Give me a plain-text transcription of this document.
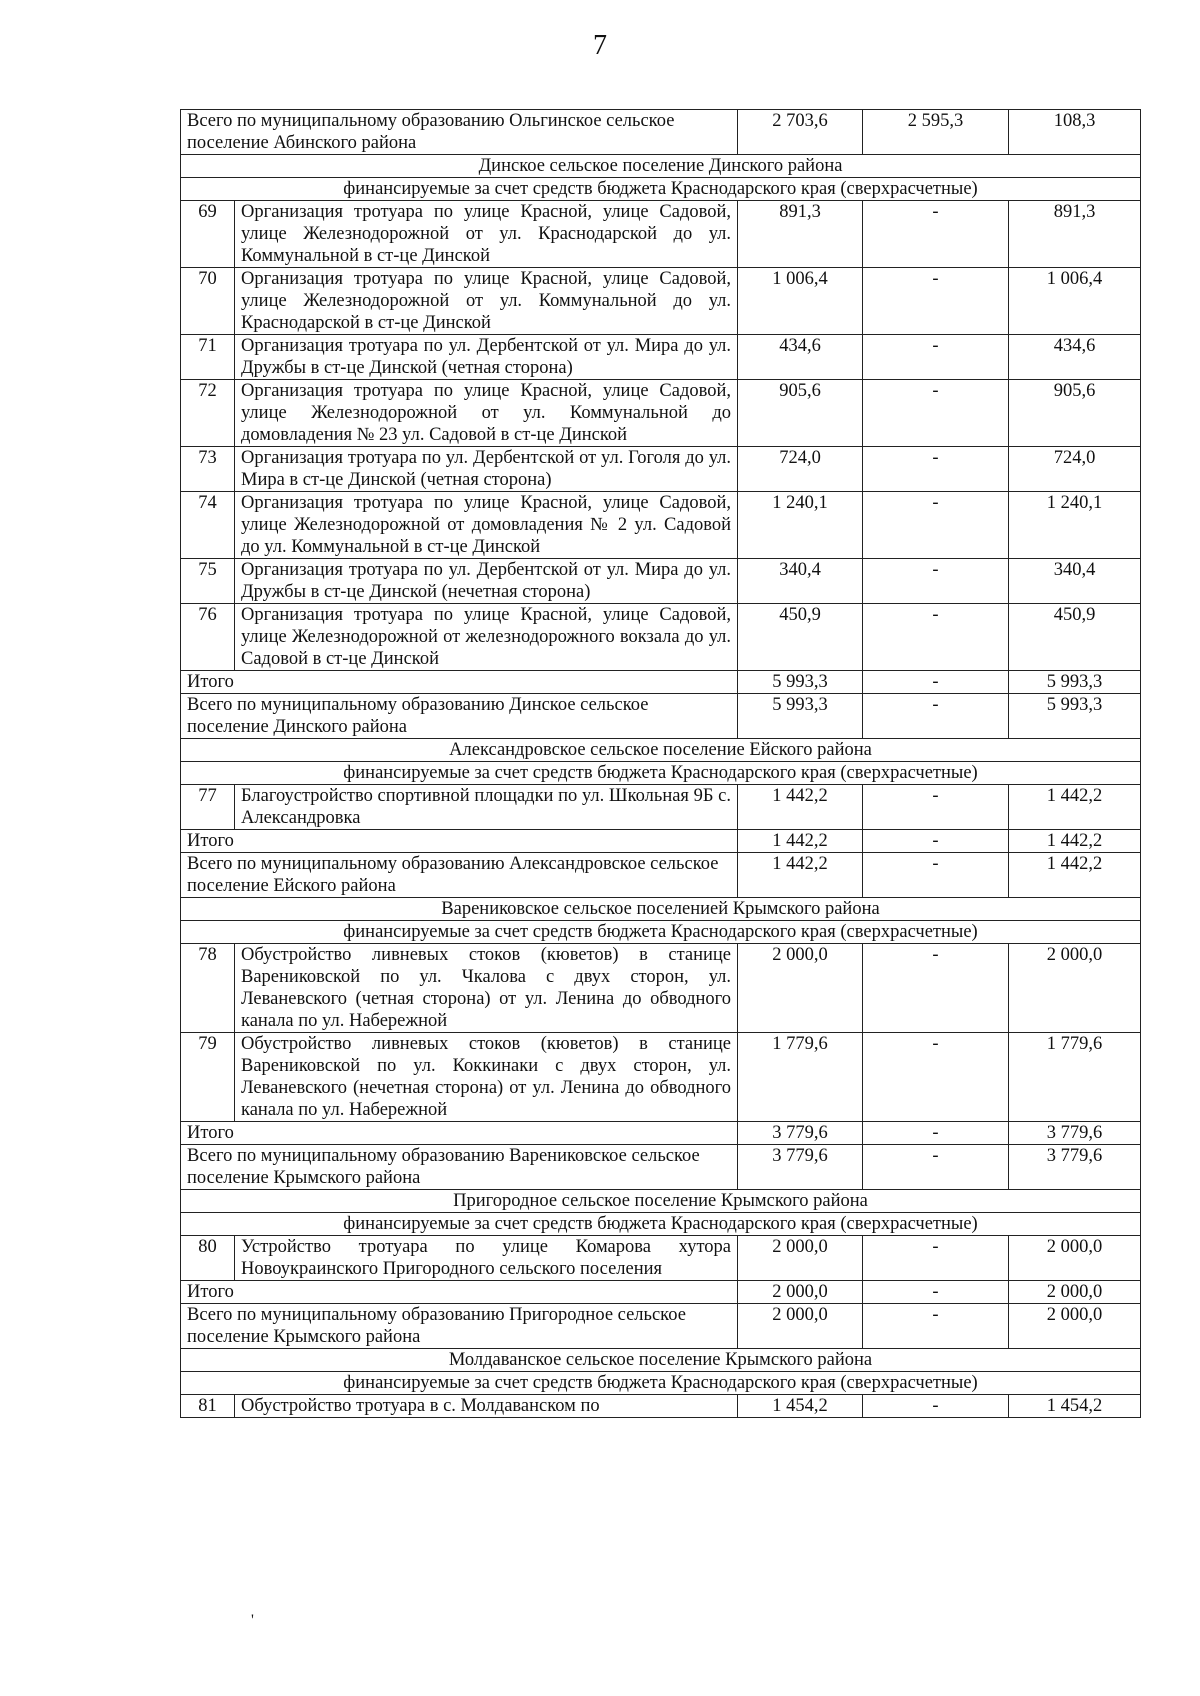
7
Всего по муниципальному образованию Ольгинское сельское поселение Абинского района		2 703,6	2 595,3	108,3
Динское сельское поселение Динского района				
финансируемые за счет средств бюджета Краснодарского края (сверхрасчетные)				
69	Организация тротуара по улице Красной, улице Садовой, улице Железнодорожной от ул. Краснодарской до ул. Коммунальной в ст-це Динской	891,3	-	891,3
70	Организация тротуара по улице Красной, улице Садовой, улице Железнодорожной от ул. Коммунальной до ул. Краснодарской в ст-це Динской	1 006,4	-	1 006,4
71	Организация тротуара по ул. Дербентской от ул. Мира до ул. Дружбы в ст-це Динской (четная сторона)	434,6	-	434,6
72	Организация тротуара по улице Красной, улице Садовой, улице Железнодорожной от ул. Коммунальной до домовладения № 23 ул. Садовой в ст-це Динской	905,6	-	905,6
73	Организация тротуара по ул. Дербентской от ул. Гоголя до ул. Мира в ст-це Динской (четная сторона)	724,0	-	724,0
74	Организация тротуара по улице Красной, улице Садовой, улице Железнодорожной от домовладения № 2 ул. Садовой до ул. Коммунальной в ст-це Динской	1 240,1	-	1 240,1
75	Организация тротуара по ул. Дербентской от ул. Мира до ул. Дружбы в ст-це Динской (нечетная сторона)	340,4	-	340,4
76	Организация тротуара по улице Красной, улице Садовой, улице Железнодорожной от железнодорожного вокзала до ул. Садовой в ст-це Динской	450,9	-	450,9
Итого		5 993,3	-	5 993,3
Всего по муниципальному образованию Динское сельское поселение Динского района		5 993,3	-	5 993,3
Александровское сельское поселение Ейского района				
финансируемые за счет средств бюджета Краснодарского края (сверхрасчетные)				
77	Благоустройство спортивной площадки по ул. Школьная 9Б с. Александровка	1 442,2	-	1 442,2
Итого		1 442,2	-	1 442,2
Всего по муниципальному образованию Александровское сельское поселение Ейского района		1 442,2	-	1 442,2
Варениковское сельское поселенией Крымского района				
финансируемые за счет средств бюджета Краснодарского края (сверхрасчетные)				
78	Обустройство ливневых стоков (кюветов) в станице Варениковской по ул. Чкалова с двух сторон, ул. Леваневского (четная сторона) от ул. Ленина до обводного канала по ул. Набережной	2 000,0	-	2 000,0
79	Обустройство ливневых стоков (кюветов) в станице Варениковской по ул. Коккинаки с двух сторон, ул. Леваневского (нечетная сторона) от ул. Ленина до обводного канала по ул. Набережной	1 779,6	-	1 779,6
Итого		3 779,6	-	3 779,6
Всего по муниципальному образованию Варениковское сельское поселение Крымского района		3 779,6	-	3 779,6
Пригородное сельское поселение Крымского района				
финансируемые за счет средств бюджета Краснодарского края (сверхрасчетные)				
80	Устройство тротуара по улице Комарова хутора Новоукраинского Пригородного сельского поселения	2 000,0	-	2 000,0
Итого		2 000,0	-	2 000,0
Всего по муниципальному образованию Пригородное сельское поселение Крымского района		2 000,0	-	2 000,0
Молдаванское сельское поселение Крымского района				
финансируемые за счет средств бюджета Краснодарского края (сверхрасчетные)				
81	Обустройство тротуара в с. Молдаванском по	1 454,2	-	1 454,2
'
